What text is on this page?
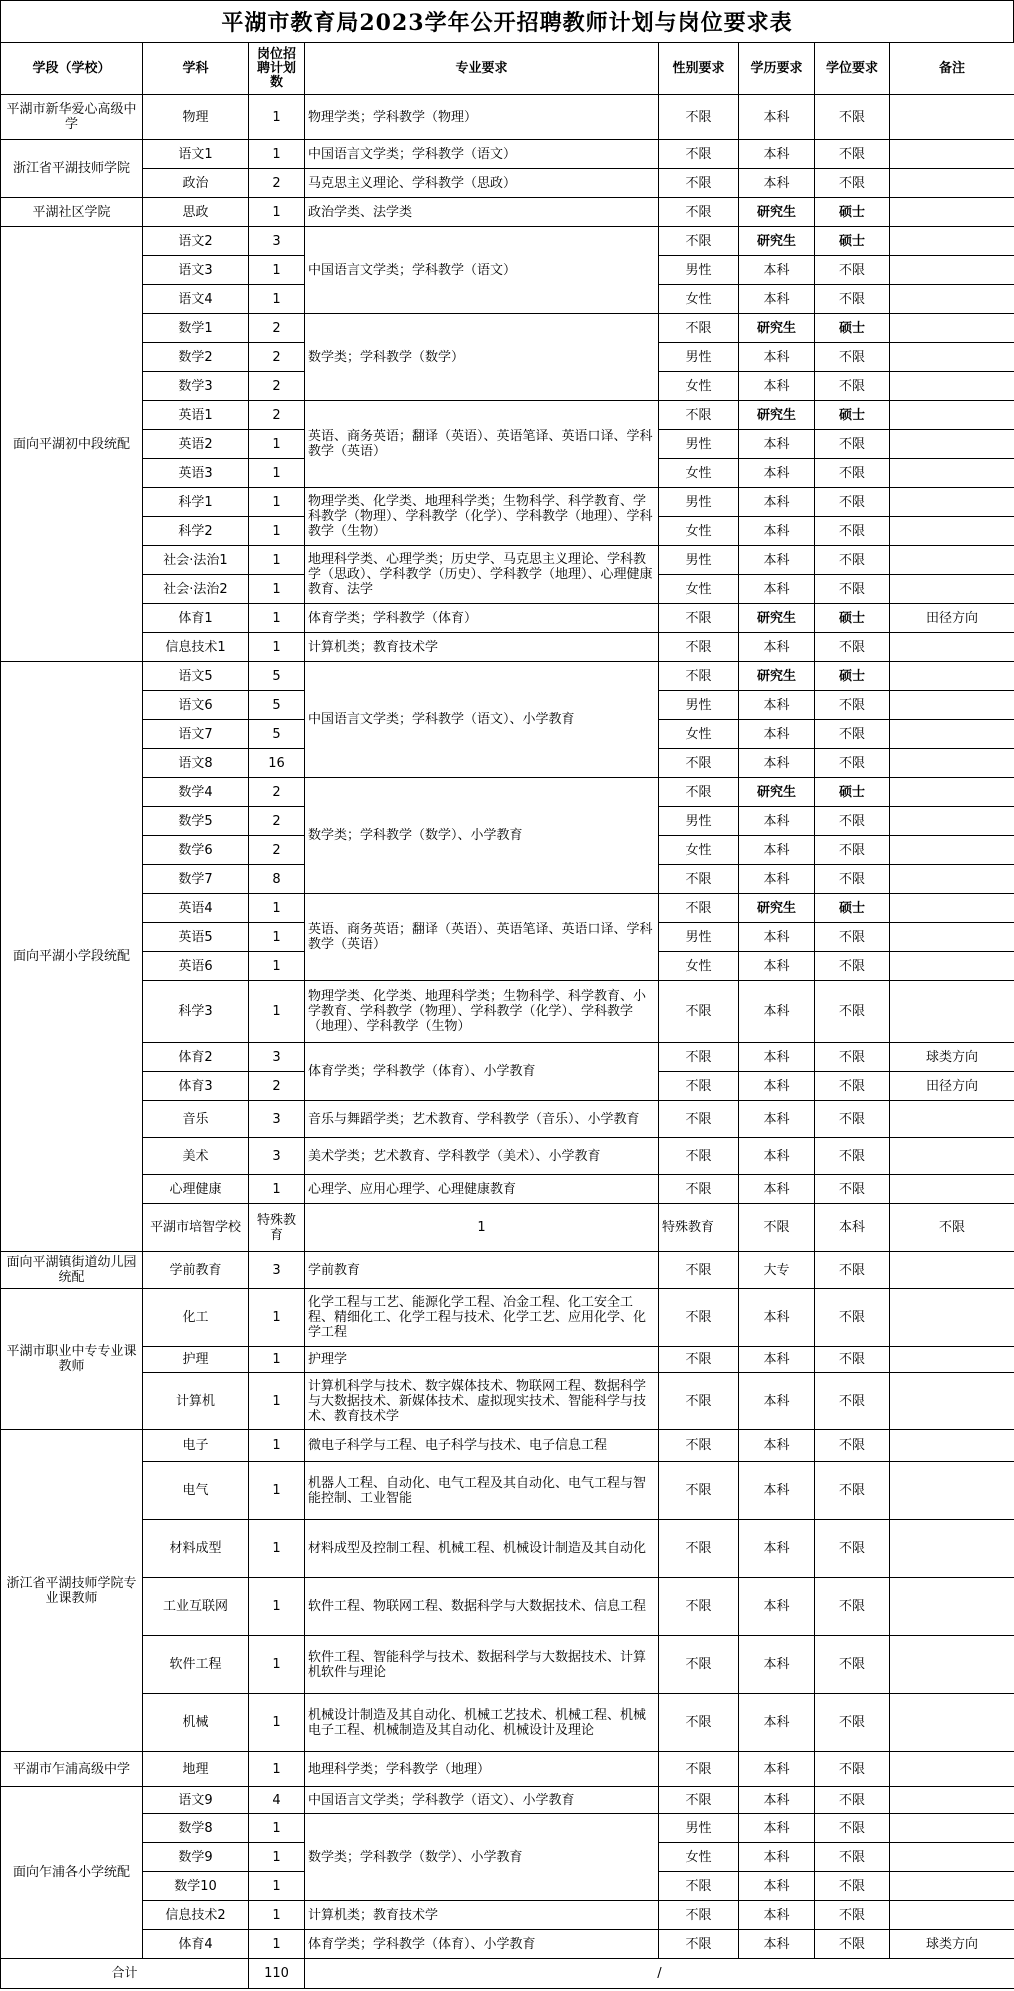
平湖市教育局2023学年公开招聘教师计划与岗位要求表
学段（学校）	学科	岗位招聘计划数	专业要求	性别要求	学历要求	学位要求	备注	
平湖市新华爱心高级中学	物理	1	物理学类；学科教学（物理）	不限	本科	不限		
浙江省平湖技师学院	语文1	1	中国语言文学类；学科教学（语文）	不限	本科	不限		
	政治	2	马克思主义理论、学科教学（思政）	不限	本科	不限		
平湖社区学院	思政	1	政治学类、法学类	不限	研究生	硕士		
面向平湖初中段统配	语文2	3	中国语言文学类；学科教学（语文）	不限	研究生	硕士		
	语文3	1		男性	本科	不限		
	语文4	1		女性	本科	不限		
	数学1	2	数学类；学科教学（数学）	不限	研究生	硕士		
	数学2	2		男性	本科	不限		
	数学3	2		女性	本科	不限		
	英语1	2	英语、商务英语；翻译（英语）、英语笔译、英语口译、学科教学（英语）	不限	研究生	硕士		
	英语2	1		男性	本科	不限		
	英语3	1		女性	本科	不限		
	科学1	1	物理学类、化学类、地理科学类；生物科学、科学教育、学科教学（物理）、学科教学（化学）、学科教学（地理）、学科教学（生物）	男性	本科	不限		
	科学2	1		女性	本科	不限		
	社会·法治1	1	地理科学类、心理学类；历史学、马克思主义理论、学科教学（思政）、学科教学（历史）、学科教学（地理）、心理健康教育、法学	男性	本科	不限		
	社会·法治2	1		女性	本科	不限		
	体育1	1	体育学类；学科教学（体育）	不限	研究生	硕士	田径方向	
	信息技术1	1	计算机类；教育技术学	不限	本科	不限		
面向平湖小学段统配	语文5	5	中国语言文学类；学科教学（语文）、小学教育	不限	研究生	硕士		
	语文6	5		男性	本科	不限		
	语文7	5		女性	本科	不限		
	语文8	16		不限	本科	不限		
	数学4	2	数学类；学科教学（数学）、小学教育	不限	研究生	硕士		
	数学5	2		男性	本科	不限		
	数学6	2		女性	本科	不限		
	数学7	8		不限	本科	不限		
	英语4	1	英语、商务英语；翻译（英语）、英语笔译、英语口译、学科教学（英语）	不限	研究生	硕士		
	英语5	1		男性	本科	不限		
	英语6	1		女性	本科	不限		
	科学3	1	物理学类、化学类、地理科学类；生物科学、科学教育、小学教育、学科教学（物理）、学科教学（化学）、学科教学（地理）、学科教学（生物）	不限	本科	不限		
	体育2	3	体育学类；学科教学（体育）、小学教育	不限	本科	不限	球类方向	
	体育3	2		不限	本科	不限	田径方向	
	音乐	3	音乐与舞蹈学类；艺术教育、学科教学（音乐）、小学教育	不限	本科	不限		
	美术	3	美术学类；艺术教育、学科教学（美术）、小学教育	不限	本科	不限		
	心理健康	1	心理学、应用心理学、心理健康教育	不限	本科	不限		
	平湖市培智学校	特殊教育	1	特殊教育	不限	本科	不限	
面向平湖镇街道幼儿园统配	学前教育	3	学前教育	不限	大专	不限		
平湖市职业中专专业课教师	化工	1	化学工程与工艺、能源化学工程、冶金工程、化工安全工程、精细化工、化学工程与技术、化学工艺、应用化学、化学工程	不限	本科	不限		
	护理	1	护理学	不限	本科	不限		
	计算机	1	计算机科学与技术、数字媒体技术、物联网工程、数据科学与大数据技术、新媒体技术、虚拟现实技术、智能科学与技术、教育技术学	不限	本科	不限		
浙江省平湖技师学院专业课教师	电子	1	微电子科学与工程、电子科学与技术、电子信息工程	不限	本科	不限		
	电气	1	机器人工程、自动化、电气工程及其自动化、电气工程与智能控制、工业智能	不限	本科	不限		
	材料成型	1	材料成型及控制工程、机械工程、机械设计制造及其自动化	不限	本科	不限		
	工业互联网	1	软件工程、物联网工程、数据科学与大数据技术、信息工程	不限	本科	不限		
	软件工程	1	软件工程、智能科学与技术、数据科学与大数据技术、计算机软件与理论	不限	本科	不限		
	机械	1	机械设计制造及其自动化、机械工艺技术、机械工程、机械电子工程、机械制造及其自动化、机械设计及理论	不限	本科	不限		
平湖市乍浦高级中学	地理	1	地理科学类；学科教学（地理）	不限	本科	不限		
面向乍浦各小学统配	语文9	4	中国语言文学类；学科教学（语文）、小学教育	不限	本科	不限		
	数学8	1	数学类；学科教学（数学）、小学教育	男性	本科	不限		
	数学9	1		女性	本科	不限		
	数学10	1		不限	本科	不限		
	信息技术2	1	计算机类；教育技术学	不限	本科	不限		
	体育4	1	体育学类；学科教学（体育）、小学教育	不限	本科	不限	球类方向	
合计		110	/					
